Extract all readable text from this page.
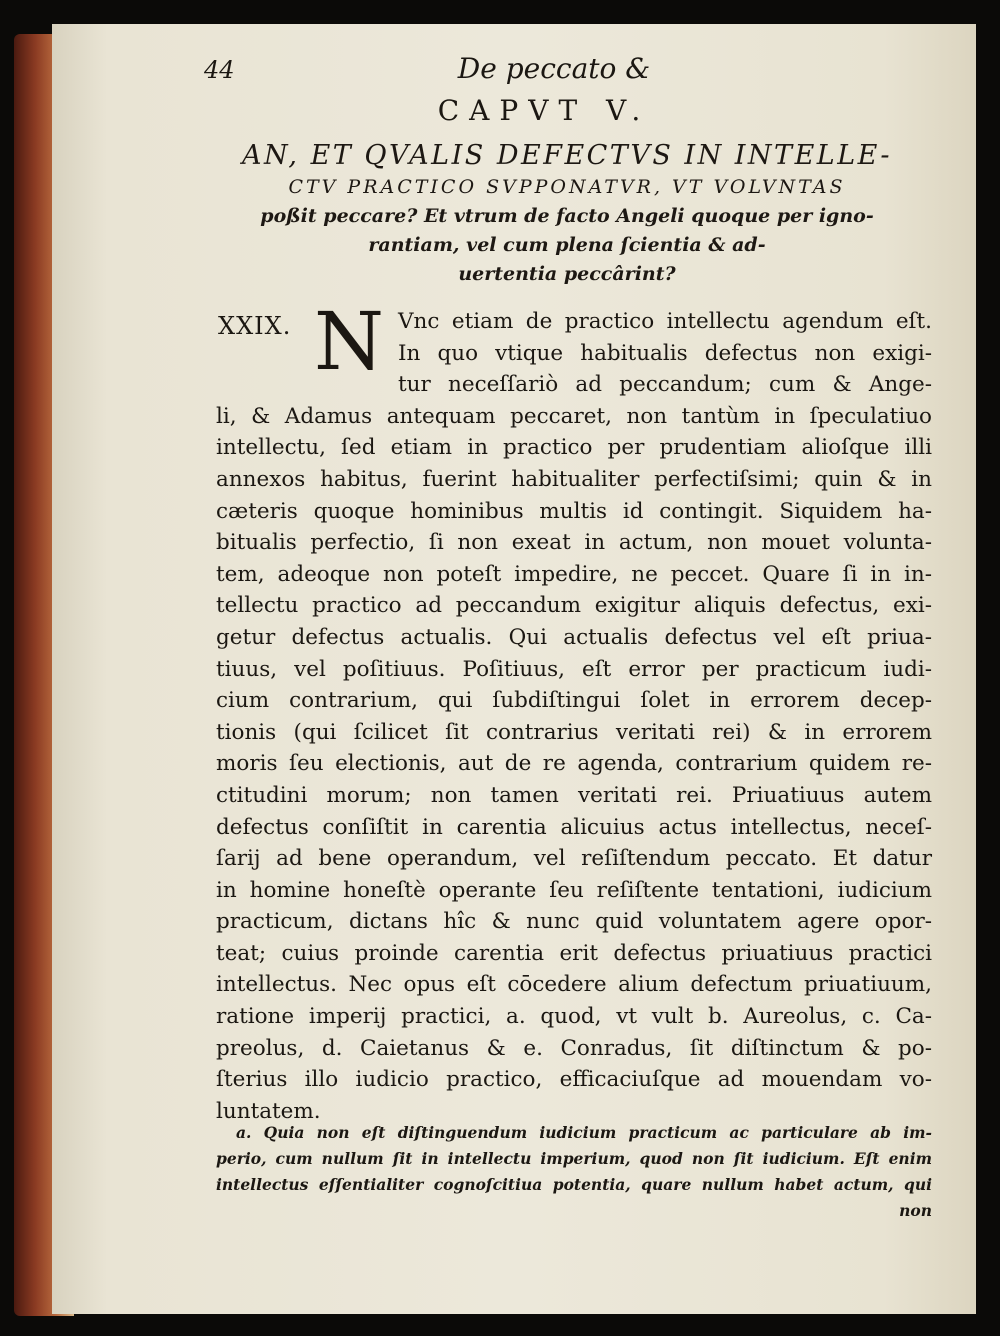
44	De peccato &
CAPVT V.
AN, ET QVALIS DEFECTVS IN INTELLE-
CTV PRACTICO SVPPONATVR, VT VOLVNTAS
poßit peccare? Et vtrum de facto Angeli quoque per igno-
rantiam, vel cum plena ſcientia & ad-
uertentia peccârint?
XXIX. N Vnc etiam de practico intellectu agendum eſt.
In quo vtique habitualis defectus non exigi-
tur neceſſariò ad peccandum; cum & Ange-
li, & Adamus antequam peccaret, non tantùm in ſpeculatiuo
intellectu, ſed etiam in practico per prudentiam alioſque illi
annexos habitus, fuerint habitualiter perfectiſsimi; quin & in
cæteris quoque hominibus multis id contingit. Siquidem ha-
bitualis perfectio, ſi non exeat in actum, non mouet volunta-
tem, adeoque non poteſt impedire, ne peccet. Quare ſi in in-
tellectu practico ad peccandum exigitur aliquis defectus, exi-
getur defectus actualis. Qui actualis defectus vel eſt priua-
tiuus, vel poſitiuus. Poſitiuus, eſt error per practicum iudi-
cium contrarium, qui ſubdiſtingui ſolet in errorem decep-
tionis (qui ſcilicet ſit contrarius veritati rei) & in errorem
moris ſeu electionis, aut de re agenda, contrarium quidem re-
ctitudini morum; non tamen veritati rei. Priuatiuus autem
defectus conſiſtit in carentia alicuius actus intellectus, neceſ-
ſarij ad bene operandum, vel reſiſtendum peccato. Et datur
in homine honeſtè operante ſeu reſiſtente tentationi, iudicium
practicum, dictans hîc & nunc quid voluntatem agere opor-
teat; cuius proinde carentia erit defectus priuatiuus practici
intellectus. Nec opus eſt cōcedere alium defectum priuatiuum,
ratione imperij practici, a. quod, vt vult b. Aureolus, c. Ca-
preolus, d. Caietanus & e. Conradus, ſit diſtinctum & po-
ſterius illo iudicio practico, efficaciuſque ad mouendam vo-
luntatem.
a. Quia non eſt diſtinguendum iudicium practicum ac particulare ab im-
perio, cum nullum ſit in intellectu imperium, quod non ſit iudicium. Eſt enim
intellectus eſſentialiter cognoſcitiua potentia, quare nullum habet actum, qui
non
